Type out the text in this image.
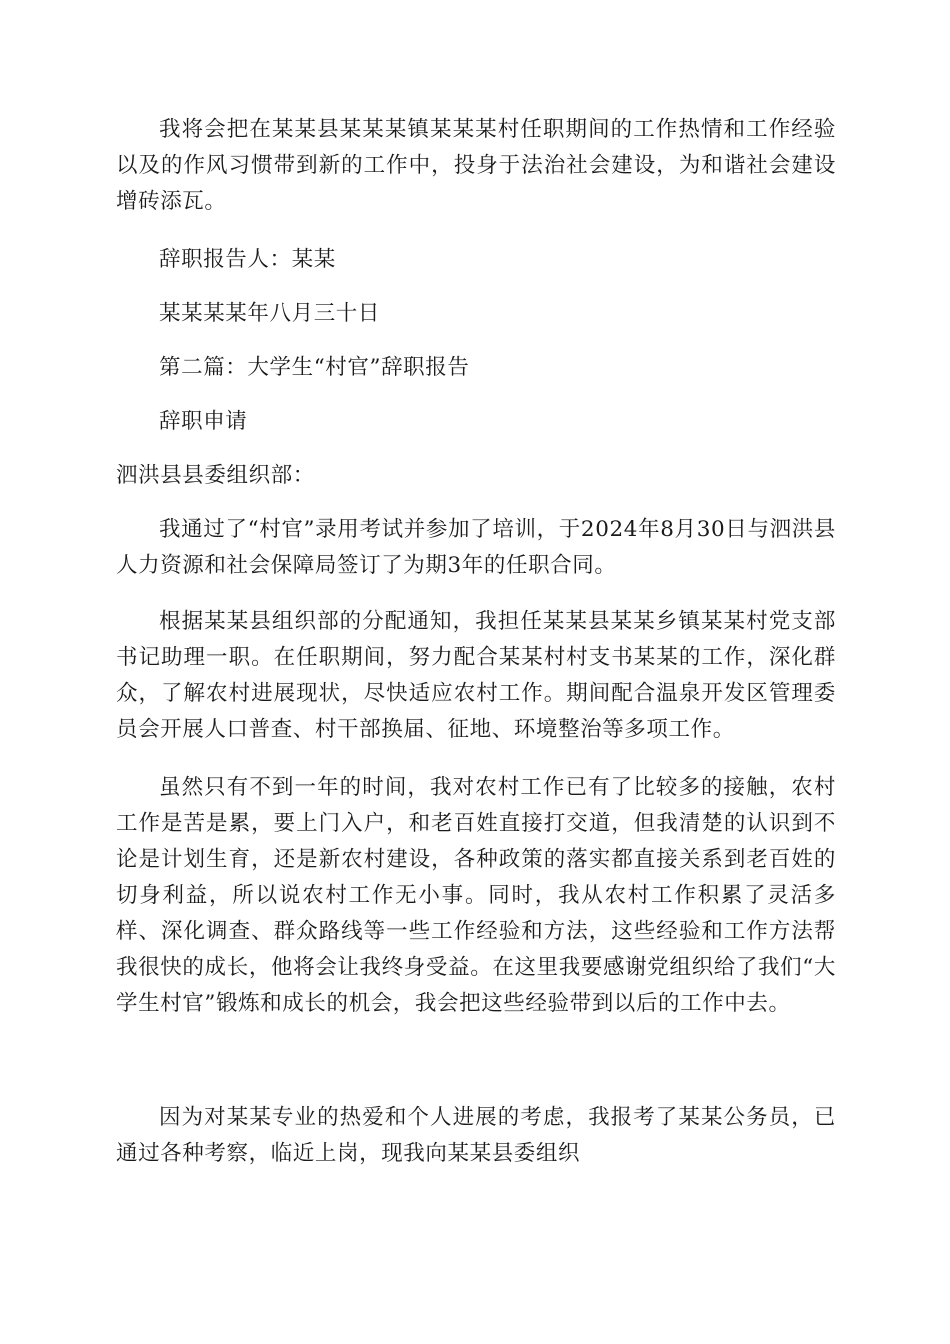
我将会把在某某县某某某镇某某某村任职期间的工作热情和工作经验以及的作风习惯带到新的工作中，投身于法治社会建设，为和谐社会建设增砖添瓦。

辞职报告人：某某

某某某某年八月三十日

第二篇：大学生“村官”辞职报告

辞职申请

泗洪县县委组织部：

我通过了“村官”录用考试并参加了培训，于2024年8月30日与泗洪县人力资源和社会保障局签订了为期3年的任职合同。

根据某某县组织部的分配通知，我担任某某县某某乡镇某某村党支部书记助理一职。在任职期间，努力配合某某村村支书某某的工作，深化群众，了解农村进展现状，尽快适应农村工作。期间配合温泉开发区管理委员会开展人口普查、村干部换届、征地、环境整治等多项工作。

虽然只有不到一年的时间，我对农村工作已有了比较多的接触，农村工作是苦是累，要上门入户，和老百姓直接打交道，但我清楚的认识到不论是计划生育，还是新农村建设，各种政策的落实都直接关系到老百姓的切身利益，所以说农村工作无小事。同时，我从农村工作积累了灵活多样、深化调查、群众路线等一些工作经验和方法，这些经验和工作方法帮我很快的成长，他将会让我终身受益。在这里我要感谢党组织给了我们“大学生村官”锻炼和成长的机会，我会把这些经验带到以后的工作中去。

因为对某某专业的热爱和个人进展的考虑，我报考了某某公务员，已通过各种考察，临近上岗，现我向某某县委组织
